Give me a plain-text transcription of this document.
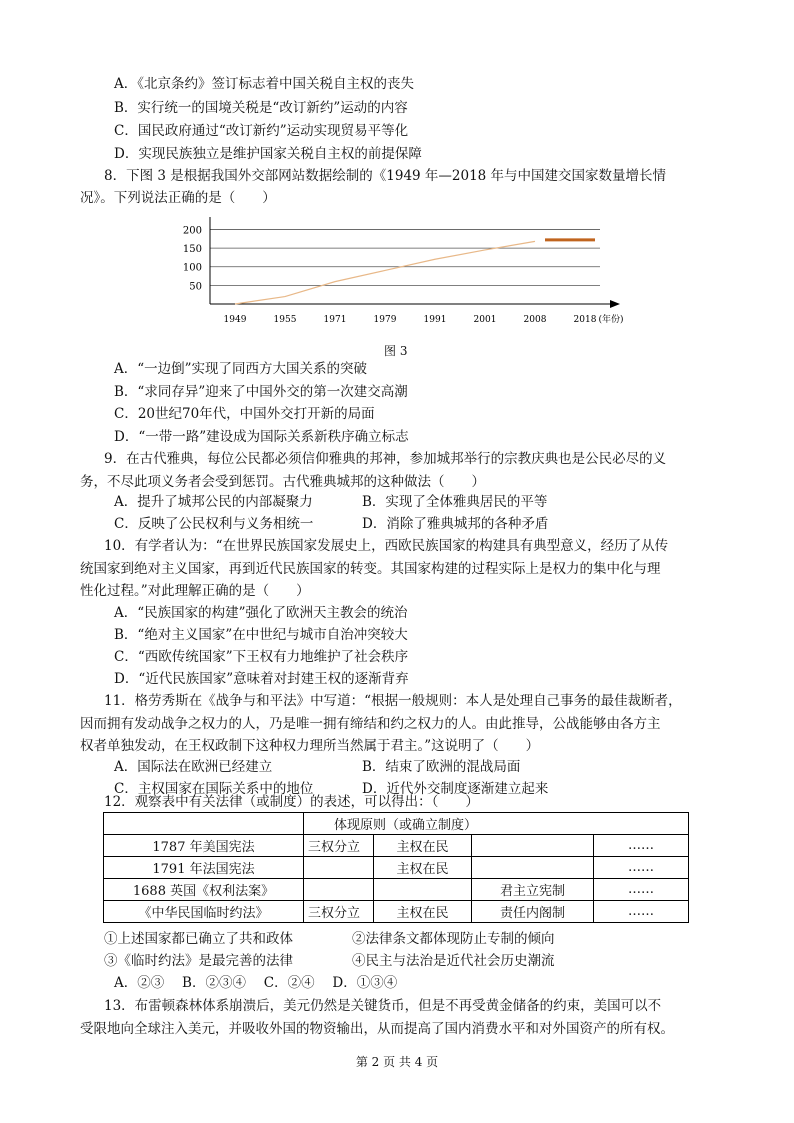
A．《北京条约》签订标志着中国关税自主权的丧失
B．实行统一的国境关税是“改订新约”运动的内容
C．国民政府通过“改订新约”运动实现贸易平等化
D．实现民族独立是维护国家关税自主权的前提保障
8．下图 3 是根据我国外交部网站数据绘制的《1949 年—2018 年与中国建交国家数量增长情
况》。下列说法正确的是（　　）
50
100
150
200
1949	1955	1971	1979	1991	2001	2008	2018 (年份)
图 3
A．“一边倒”实现了同西方大国关系的突破
B．“求同存异”迎来了中国外交的第一次建交高潮
C．20世纪70年代，中国外交打开新的局面
D．“一带一路”建设成为国际关系新秩序确立标志
9．在古代雅典，每位公民都必须信仰雅典的邦神，参加城邦举行的宗教庆典也是公民必尽的义
务，不尽此项义务者会受到惩罚。古代雅典城邦的这种做法（　　）
A．提升了城邦公民的内部凝聚力	B．实现了全体雅典居民的平等
C．反映了公民权利与义务相统一	D．消除了雅典城邦的各种矛盾
10．有学者认为：“在世界民族国家发展史上，西欧民族国家的构建具有典型意义，经历了从传
统国家到绝对主义国家，再到近代民族国家的转变。其国家构建的过程实际上是权力的集中化与理
性化过程。”对此理解正确的是（　　）
A．“民族国家的构建”强化了欧洲天主教会的统治
B．“绝对主义国家”在中世纪与城市自治冲突较大
C．“西欧传统国家”下王权有力地维护了社会秩序
D．“近代民族国家”意味着对封建王权的逐渐背弃
11．格劳秀斯在《战争与和平法》中写道：“根据一般规则：本人是处理自己事务的最佳裁断者，
因而拥有发动战争之权力的人，乃是唯一拥有缔结和约之权力的人。由此推导，公战能够由各方主
权者单独发动，在王权政制下这种权力理所当然属于君主。”这说明了（　　）
A．国际法在欧洲已经建立	B．结束了欧洲的混战局面
C．主权国家在国际关系中的地位	D．近代外交制度逐渐建立起来
12．观察表中有关法律（或制度）的表述，可以得出：（　　）
	体现原则（或确立制度）			
1787 年美国宪法	三权分立	主权在民		……
1791 年法国宪法		主权在民		……
1688 英国《权利法案》			君主立宪制	……
《中华民国临时约法》	三权分立	主权在民	责任内阁制	……
①上述国家都已确立了共和政体	②法律条文都体现防止专制的倾向
③《临时约法》是最完善的法律	④民主与法治是近代社会历史潮流
A．②③　 B．②③④　 C．②④　 D．①③④
13．布雷顿森林体系崩溃后，美元仍然是关键货币，但是不再受黄金储备的约束，美国可以不
受限地向全球注入美元，并吸收外国的物资输出，从而提高了国内消费水平和对外国资产的所有权。
第 2 页 共 4 页
